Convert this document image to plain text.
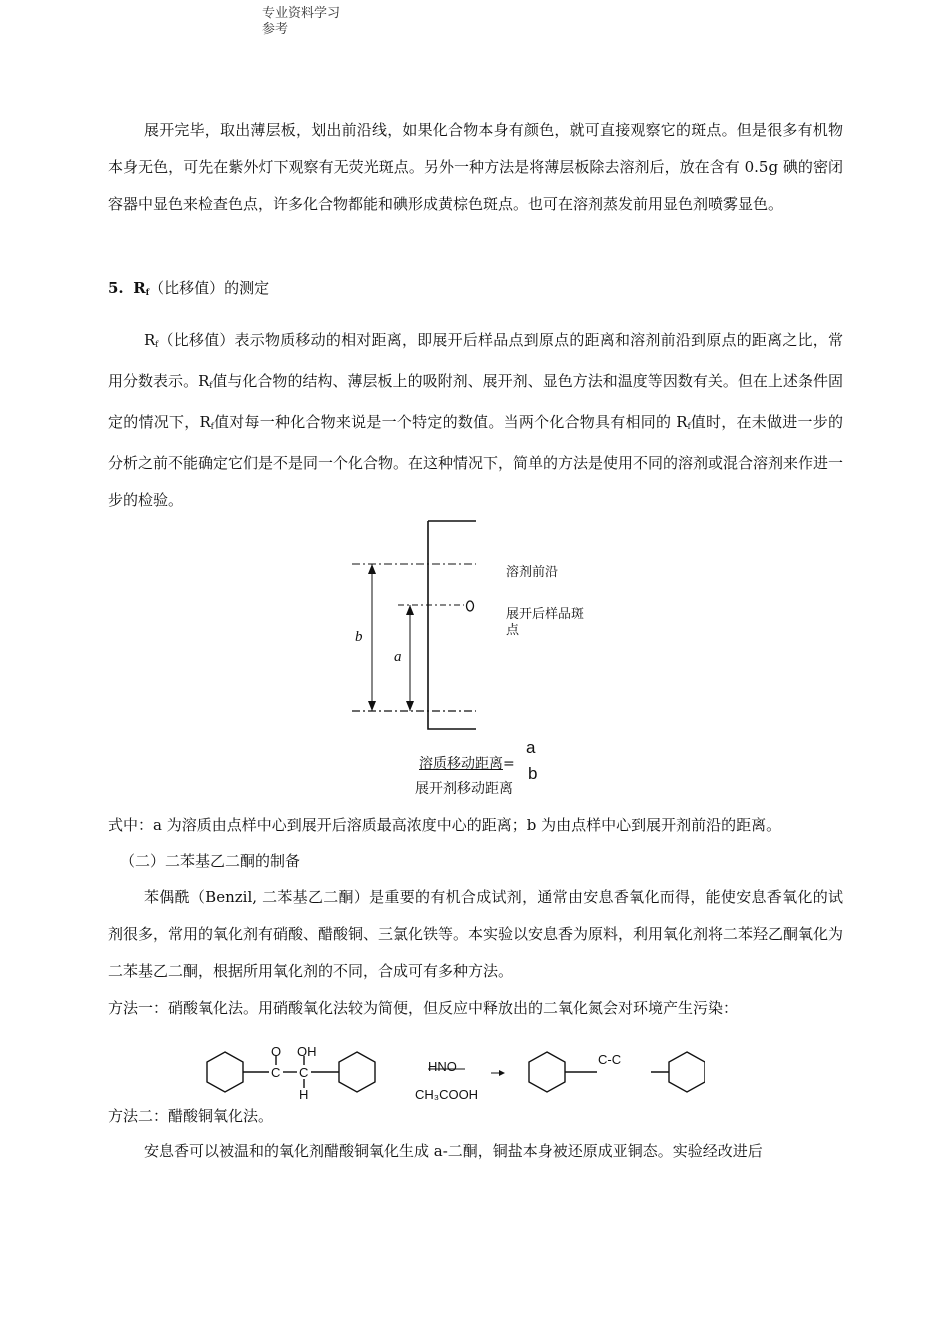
专业资料学习参考
展开完毕，取出薄层板，划出前沿线，如果化合物本身有颜色，就可直接观察它的斑点。但是很多有机物本身无色，可先在紫外灯下观察有无荧光斑点。另外一种方法是将薄层板除去溶剂后，放在含有 0.5g 碘的密闭容器中显色来检查色点，许多化合物都能和碘形成黄棕色斑点。也可在溶剂蒸发前用显色剂喷雾显色。
5. $R_f$（比移值）的测定
$R_f$（比移值）表示物质移动的相对距离，即展开后样品点到原点的距离和溶剂前沿到原点的距离之比，常用分数表示。$R_f$值与化合物的结构、薄层板上的吸附剂、展开剂、显色方法和温度等因数有关。但在上述条件固定的情况下，$R_f$值对每一种化合物来说是一个特定的数值。当两个化合物具有相同的 $R_f$值时，在未做进一步的分析之前不能确定它们是不是同一个化合物。在这种情况下，简单的方法是使用不同的溶剂或混合溶剂来作进一步的检验。
b
a
溶剂前沿
展开后样品斑点
溶质移动距离=
a
b
展开剂移动距离
式中：a 为溶质由点样中心到展开后溶质最高浓度中心的距离；b 为由点样中心到展开剂前沿的距离。
（二）二苯基乙二酮的制备
苯偶酰（Benzil, 二苯基乙二酮）是重要的有机合成试剂，通常由安息香氧化而得，能使安息香氧化的试剂很多，常用的氧化剂有硝酸、醋酸铜、三氯化铁等。本实验以安息香为原料，利用氧化剂将二苯羟乙酮氧化为二苯基乙二酮，根据所用氧化剂的不同，合成可有多种方法。
方法一：硝酸氧化法。用硝酸氧化法较为简便，但反应中释放出的二氧化氮会对环境产生污染：
O OH
C C
H
HNO
CH₃COOH
C-C
方法二：醋酸铜氧化法。
安息香可以被温和的氧化剂醋酸铜氧化生成 a-二酮，铜盐本身被还原成亚铜态。实验经改进后
